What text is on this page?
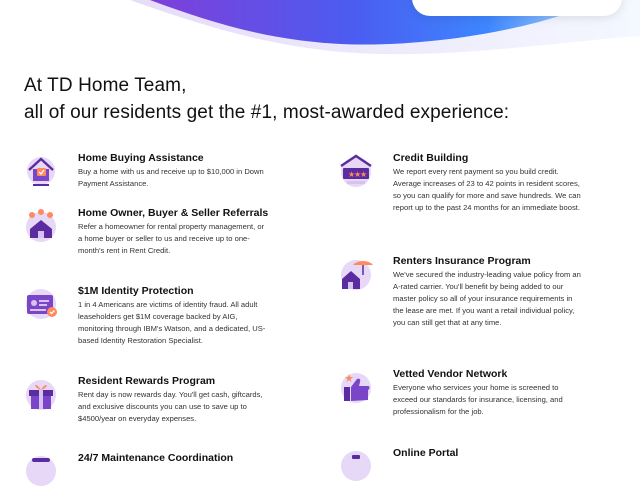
At TD Home Team,
all of our residents get the #1, most-awarded experience:
Home Buying Assistance
Buy a home with us and receive up to $10,000 in Down Payment Assistance.
Home Owner, Buyer & Seller Referrals
Refer a homeowner for rental property management, or a home buyer or seller to us and receive up to one-month's rent in Rent Credit.
$1M Identity Protection
1 in 4 Americans are victims of identity fraud. All adult leaseholders get $1M coverage backed by AIG, monitoring through IBM's Watson, and a dedicated, US-based Identity Restoration Specialist.
Resident Rewards Program
Rent day is now rewards day. You'll get cash, giftcards, and exclusive discounts you can use to save up to $4500/year on everyday expenses.
24/7 Maintenance Coordination
★
★
★
Credit Building
We report every rent payment so you build credit. Average increases of 23 to 42 points in resident scores, so you can qualify for more and save hundreds. We can report up to the past 24 months for an immediate boost.
Renters Insurance Program
We've secured the industry-leading value policy from an A-rated carrier. You'll benefit by being added to our master policy so all of your insurance requirements in the lease are met. If you want a retail individual policy, you can still get that at any time.
Vetted Vendor Network
Everyone who services your home is screened to exceed our standards for insurance, licensing, and professionalism for the job.
Online Portal
